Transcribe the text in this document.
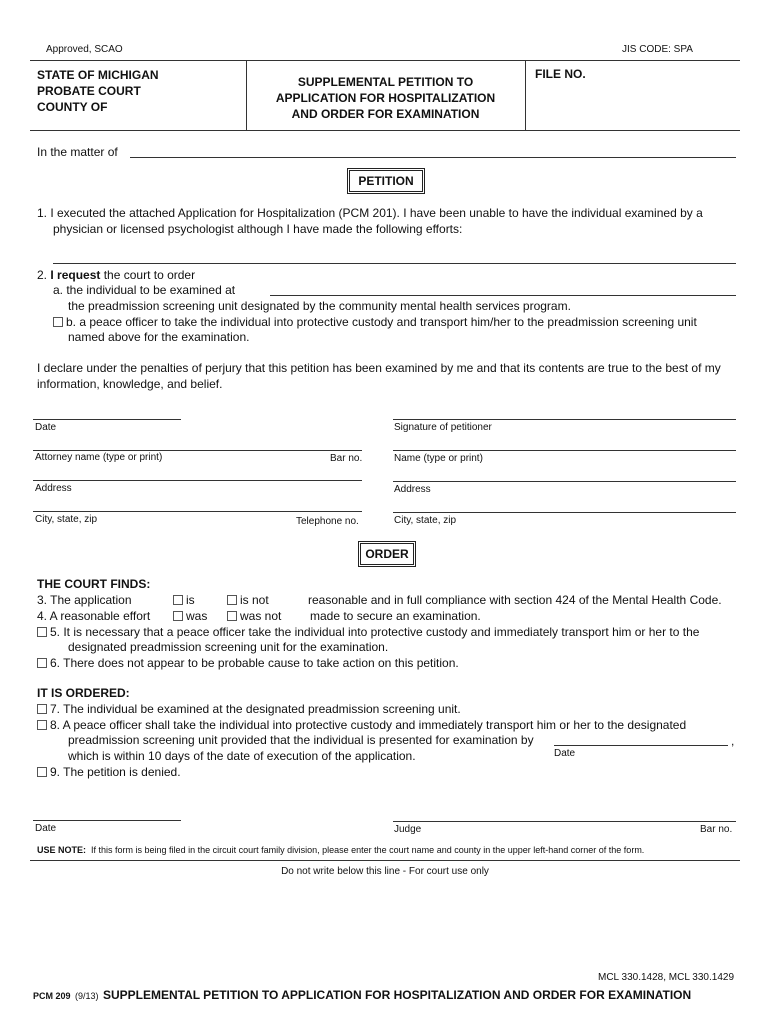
Approved, SCAO	JIS CODE: SPA
STATE OF MICHIGAN
PROBATE COURT
COUNTY OF
SUPPLEMENTAL PETITION TO
APPLICATION FOR HOSPITALIZATION
AND ORDER FOR EXAMINATION
FILE NO.
In the matter of
PETITION
1. I executed the attached Application for Hospitalization (PCM 201). I have been unable to have the individual examined by a
physician or licensed psychologist although I have made the following efforts:
2. I request the court to order
a. the individual to be examined at
the preadmission screening unit designated by the community mental health services program.
b. a peace officer to take the individual into protective custody and transport him/her to the preadmission screening unit
named above for the examination.
I declare under the penalties of perjury that this petition has been examined by me and that its contents are true to the best of my
information, knowledge, and belief.
Date	Signature of petitioner
Attorney name (type or print)	Bar no.	Name (type or print)
Address	Address
City, state, zip	Telephone no.	City, state, zip
ORDER
THE COURT FINDS:
3. The application	is	is not	reasonable and in full compliance with section 424 of the Mental Health Code.
4. A reasonable effort	was	was not made to secure an examination.
5. It is necessary that a peace officer take the individual into protective custody and immediately transport him or her to the
designated preadmission screening unit for the examination.
6. There does not appear to be probable cause to take action on this petition.
IT IS ORDERED:
7. The individual be examined at the designated preadmission screening unit.
8. A peace officer shall take the individual into protective custody and immediately transport him or her to the designated
preadmission screening unit provided that the individual is presented for examination by	,
Date
which is within 10 days of the date of execution of the application.
9. The petition is denied.
Date	Judge	Bar no.
USE NOTE: If this form is being filed in the circuit court family division, please enter the court name and county in the upper left-hand corner of the form.
Do not write below this line - For court use only
MCL 330.1428, MCL 330.1429
PCM 209 (9/13) SUPPLEMENTAL PETITION TO APPLICATION FOR HOSPITALIZATION AND ORDER FOR EXAMINATION
